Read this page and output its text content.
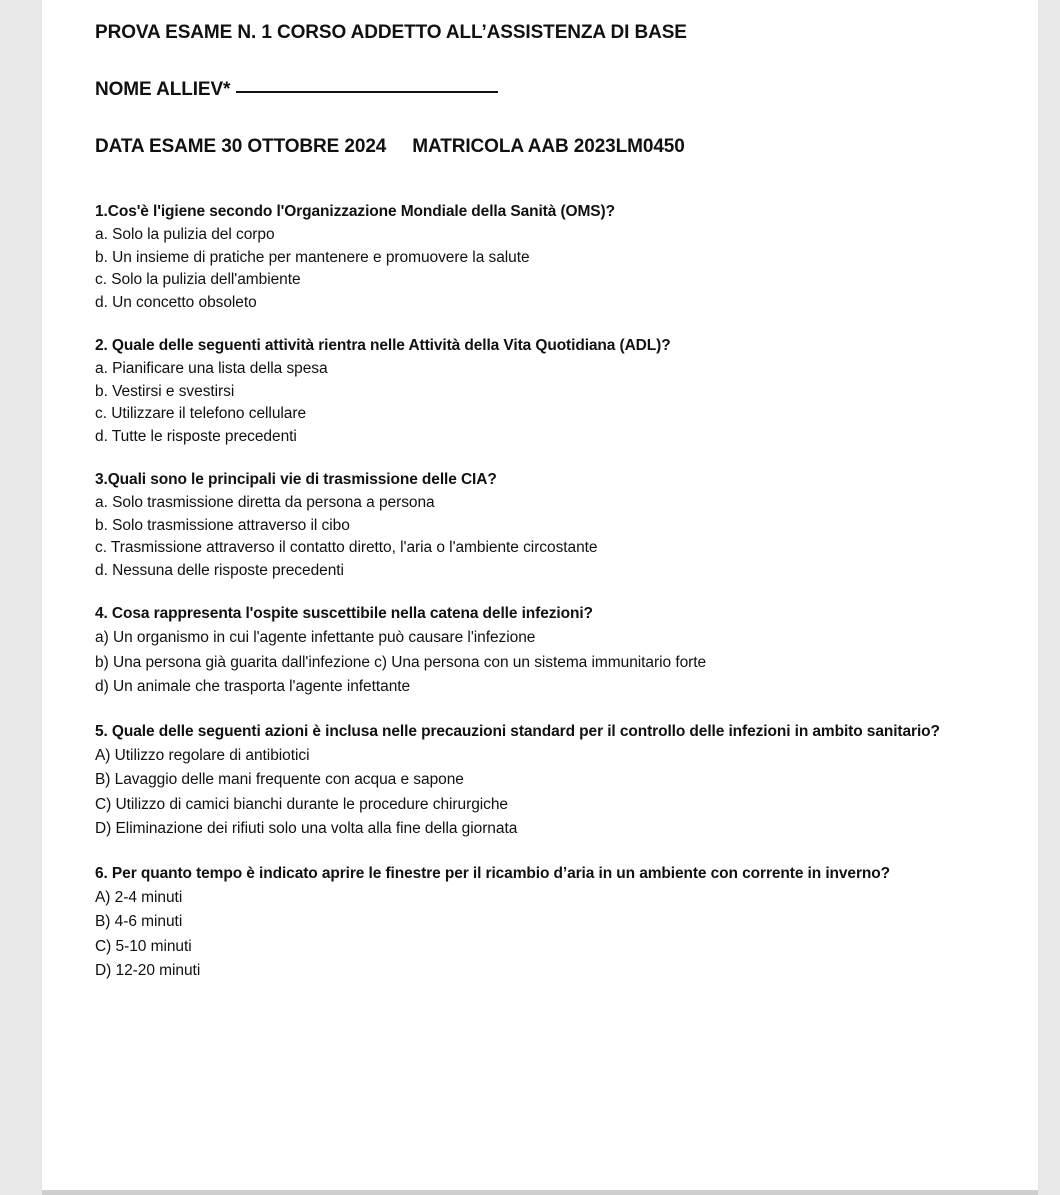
PROVA ESAME N. 1 CORSO ADDETTO ALL’ASSISTENZA DI BASE

NOME ALLIEV*

DATA ESAME 30 OTTOBRE 2024 MATRICOLA AAB 2023LM0450

1.Cos'è l'igiene secondo l'Organizzazione Mondiale della Sanità (OMS)?
a. Solo la pulizia del corpo
b. Un insieme di pratiche per mantenere e promuovere la salute
c. Solo la pulizia dell'ambiente
d. Un concetto obsoleto
2. Quale delle seguenti attività rientra nelle Attività della Vita Quotidiana (ADL)?
a. Pianificare una lista della spesa
b. Vestirsi e svestirsi
c. Utilizzare il telefono cellulare
d. Tutte le risposte precedenti
3.Quali sono le principali vie di trasmissione delle CIA?
a. Solo trasmissione diretta da persona a persona
b. Solo trasmissione attraverso il cibo
c. Trasmissione attraverso il contatto diretto, l'aria o l'ambiente circostante
d. Nessuna delle risposte precedenti
4. Cosa rappresenta l'ospite suscettibile nella catena delle infezioni?
a) Un organismo in cui l'agente infettante può causare l'infezione
b) Una persona già guarita dall'infezione c) Una persona con un sistema immunitario forte
d) Un animale che trasporta l'agente infettante
5. Quale delle seguenti azioni è inclusa nelle precauzioni standard per il controllo delle infezioni in ambito sanitario?
A) Utilizzo regolare di antibiotici
B) Lavaggio delle mani frequente con acqua e sapone
C) Utilizzo di camici bianchi durante le procedure chirurgiche
D) Eliminazione dei rifiuti solo una volta alla fine della giornata
6. Per quanto tempo è indicato aprire le finestre per il ricambio d’aria in un ambiente con corrente in inverno?
A) 2-4 minuti
B) 4-6 minuti
C) 5-10 minuti
D) 12-20 minuti
